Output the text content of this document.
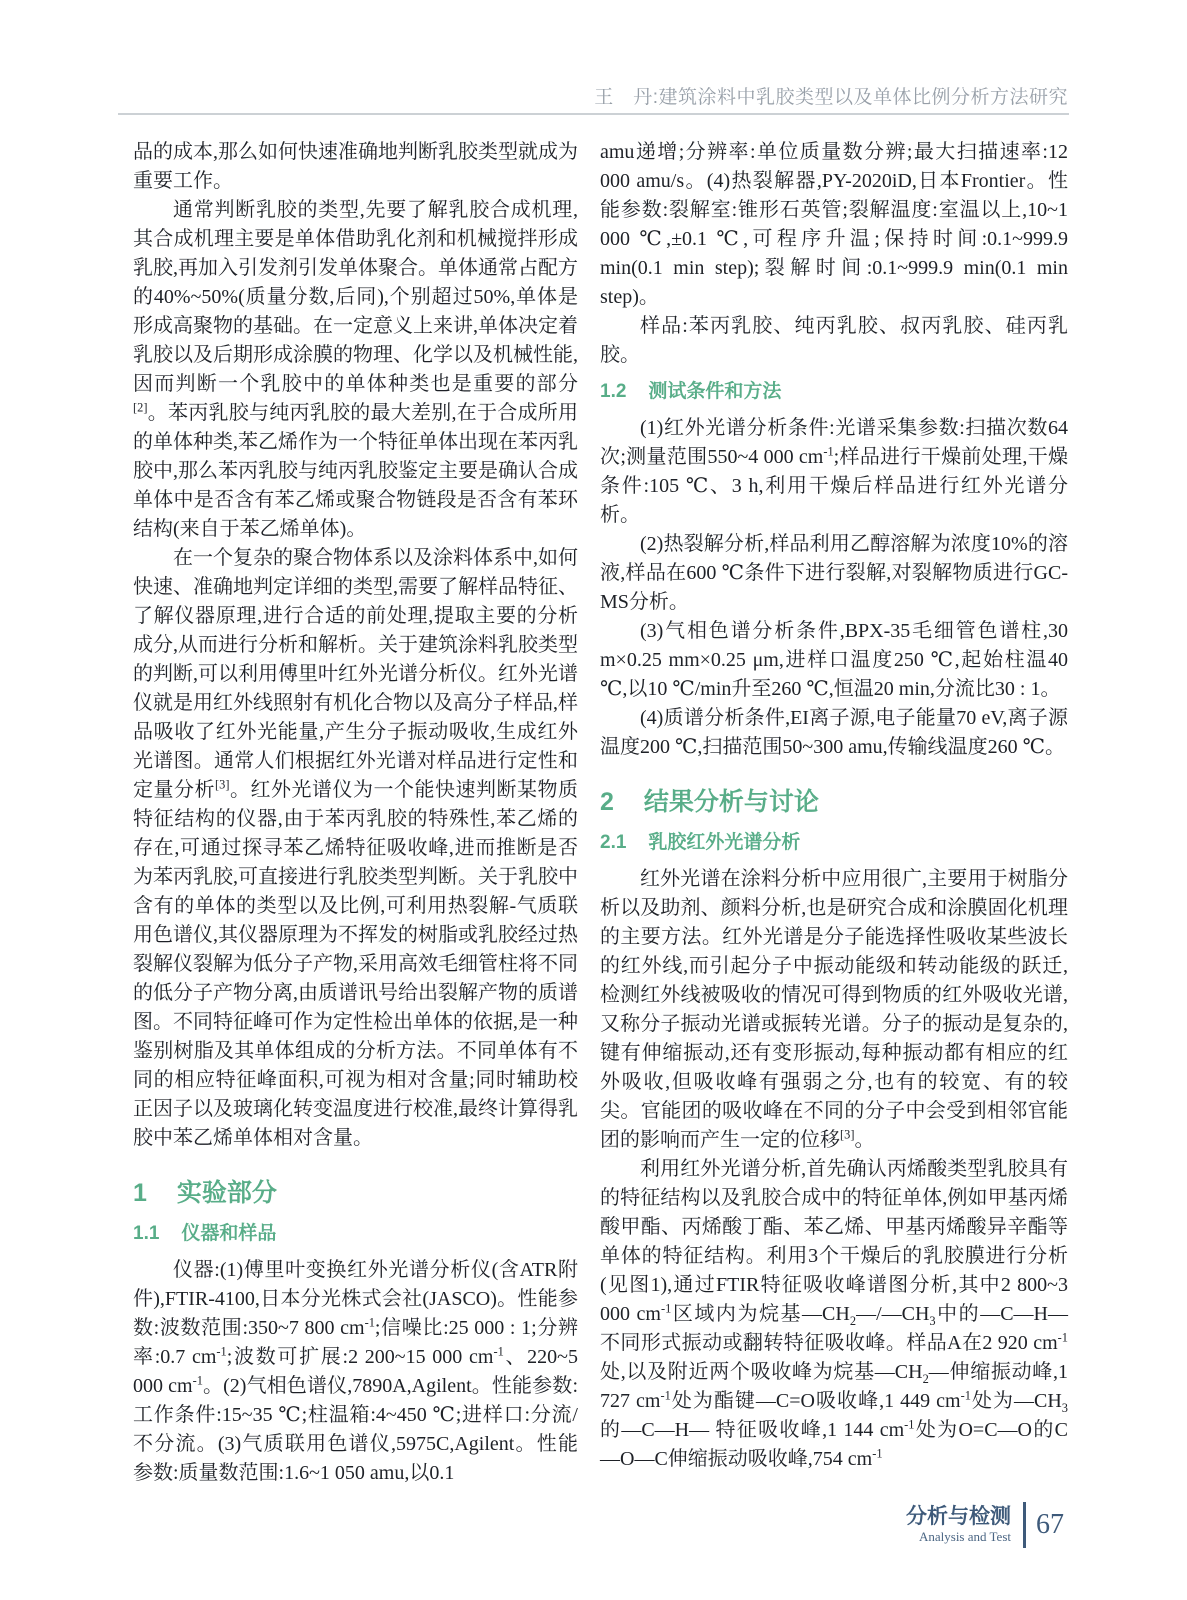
王　丹:建筑涂料中乳胶类型以及单体比例分析方法研究

品的成本,那么如何快速准确地判断乳胶类型就成为重要工作。

通常判断乳胶的类型,先要了解乳胶合成机理,其合成机理主要是单体借助乳化剂和机械搅拌形成乳胶,再加入引发剂引发单体聚合。单体通常占配方的40%~50%(质量分数,后同),个别超过50%,单体是形成高聚物的基础。在一定意义上来讲,单体决定着乳胶以及后期形成涂膜的物理、化学以及机械性能,因而判断一个乳胶中的单体种类也是重要的部分[2]。苯丙乳胶与纯丙乳胶的最大差别,在于合成所用的单体种类,苯乙烯作为一个特征单体出现在苯丙乳胶中,那么苯丙乳胶与纯丙乳胶鉴定主要是确认合成单体中是否含有苯乙烯或聚合物链段是否含有苯环结构(来自于苯乙烯单体)。

在一个复杂的聚合物体系以及涂料体系中,如何快速、准确地判定详细的类型,需要了解样品特征、了解仪器原理,进行合适的前处理,提取主要的分析成分,从而进行分析和解析。关于建筑涂料乳胶类型的判断,可以利用傅里叶红外光谱分析仪。红外光谱仪就是用红外线照射有机化合物以及高分子样品,样品吸收了红外光能量,产生分子振动吸收,生成红外光谱图。通常人们根据红外光谱对样品进行定性和定量分析[3]。红外光谱仪为一个能快速判断某物质特征结构的仪器,由于苯丙乳胶的特殊性,苯乙烯的存在,可通过探寻苯乙烯特征吸收峰,进而推断是否为苯丙乳胶,可直接进行乳胶类型判断。关于乳胶中含有的单体的类型以及比例,可利用热裂解-气质联用色谱仪,其仪器原理为不挥发的树脂或乳胶经过热裂解仪裂解为低分子产物,采用高效毛细管柱将不同的低分子产物分离,由质谱讯号给出裂解产物的质谱图。不同特征峰可作为定性检出单体的依据,是一种鉴别树脂及其单体组成的分析方法。不同单体有不同的相应特征峰面积,可视为相对含量;同时辅助校正因子以及玻璃化转变温度进行校准,最终计算得乳胶中苯乙烯单体相对含量。

1 实验部分
1.1 仪器和样品

仪器:(1)傅里叶变换红外光谱分析仪(含ATR附件),FTIR-4100,日本分光株式会社(JASCO)。性能参数:波数范围:350~7 800 $cm^{-1}$;信噪比:25 000 : 1;分辨率:0.7 $cm^{-1}$;波数可扩展:2 200~15 000 $cm^{-1}$、220~5 000 $cm^{-1}$。(2)气相色谱仪,7890A,Agilent。性能参数:工作条件:15~35 ℃;柱温箱:4~450 ℃;进样口:分流/不分流。(3)气质联用色谱仪,5975C,Agilent。性能参数:质量数范围:1.6~1 050 amu,以0.1

amu递增;分辨率:单位质量数分辨;最大扫描速率:12 000 amu/s。(4)热裂解器,PY-2020iD,日本Frontier。性能参数:裂解室:锥形石英管;裂解温度:室温以上,10~1 000 ℃,±0.1 ℃,可程序升温;保持时间:0.1~999.9 min(0.1 min step);裂解时间:0.1~999.9 min(0.1 min step)。

样品:苯丙乳胶、纯丙乳胶、叔丙乳胶、硅丙乳胶。

1.2 测试条件和方法

(1)红外光谱分析条件:光谱采集参数:扫描次数64次;测量范围550~4 000 $cm^{-1}$;样品进行干燥前处理,干燥条件:105 ℃、3 h,利用干燥后样品进行红外光谱分析。

(2)热裂解分析,样品利用乙醇溶解为浓度10%的溶液,样品在600 ℃条件下进行裂解,对裂解物质进行GC-MS分析。

(3)气相色谱分析条件,BPX-35毛细管色谱柱,30 m×0.25 mm×0.25 μm,进样口温度250 ℃,起始柱温40 ℃,以10 ℃/min升至260 ℃,恒温20 min,分流比30 : 1。

(4)质谱分析条件,EI离子源,电子能量70 eV,离子源温度200 ℃,扫描范围50~300 amu,传输线温度260 ℃。

2 结果分析与讨论
2.1 乳胶红外光谱分析

红外光谱在涂料分析中应用很广,主要用于树脂分析以及助剂、颜料分析,也是研究合成和涂膜固化机理的主要方法。红外光谱是分子能选择性吸收某些波长的红外线,而引起分子中振动能级和转动能级的跃迁,检测红外线被吸收的情况可得到物质的红外吸收光谱,又称分子振动光谱或振转光谱。分子的振动是复杂的,键有伸缩振动,还有变形振动,每种振动都有相应的红外吸收,但吸收峰有强弱之分,也有的较宽、有的较尖。官能团的吸收峰在不同的分子中会受到相邻官能团的影响而产生一定的位移[3]。

利用红外光谱分析,首先确认丙烯酸类型乳胶具有的特征结构以及乳胶合成中的特征单体,例如甲基丙烯酸甲酯、丙烯酸丁酯、苯乙烯、甲基丙烯酸异辛酯等单体的特征结构。利用3个干燥后的乳胶膜进行分析(见图1),通过FTIR特征吸收峰谱图分析,其中2 800~3 000 $cm^{-1}$区域内为烷基$—CH_2—/—CH_3$中的—C—H—不同形式振动或翻转特征吸收峰。样品A在2 920 $cm^{-1}$处,以及附近两个吸收峰为烷基$—CH_2—$伸缩振动峰,1 727 $cm^{-1}$处为酯键—C=O吸收峰,1 449 $cm^{-1}$处为$—CH_3$的—C—H— 特征吸收峰,1 144 $cm^{-1}$处为O=C—O的C—O—C伸缩振动吸收峰,754 $cm^{-1}$

分析与检测
Analysis and Test 67
